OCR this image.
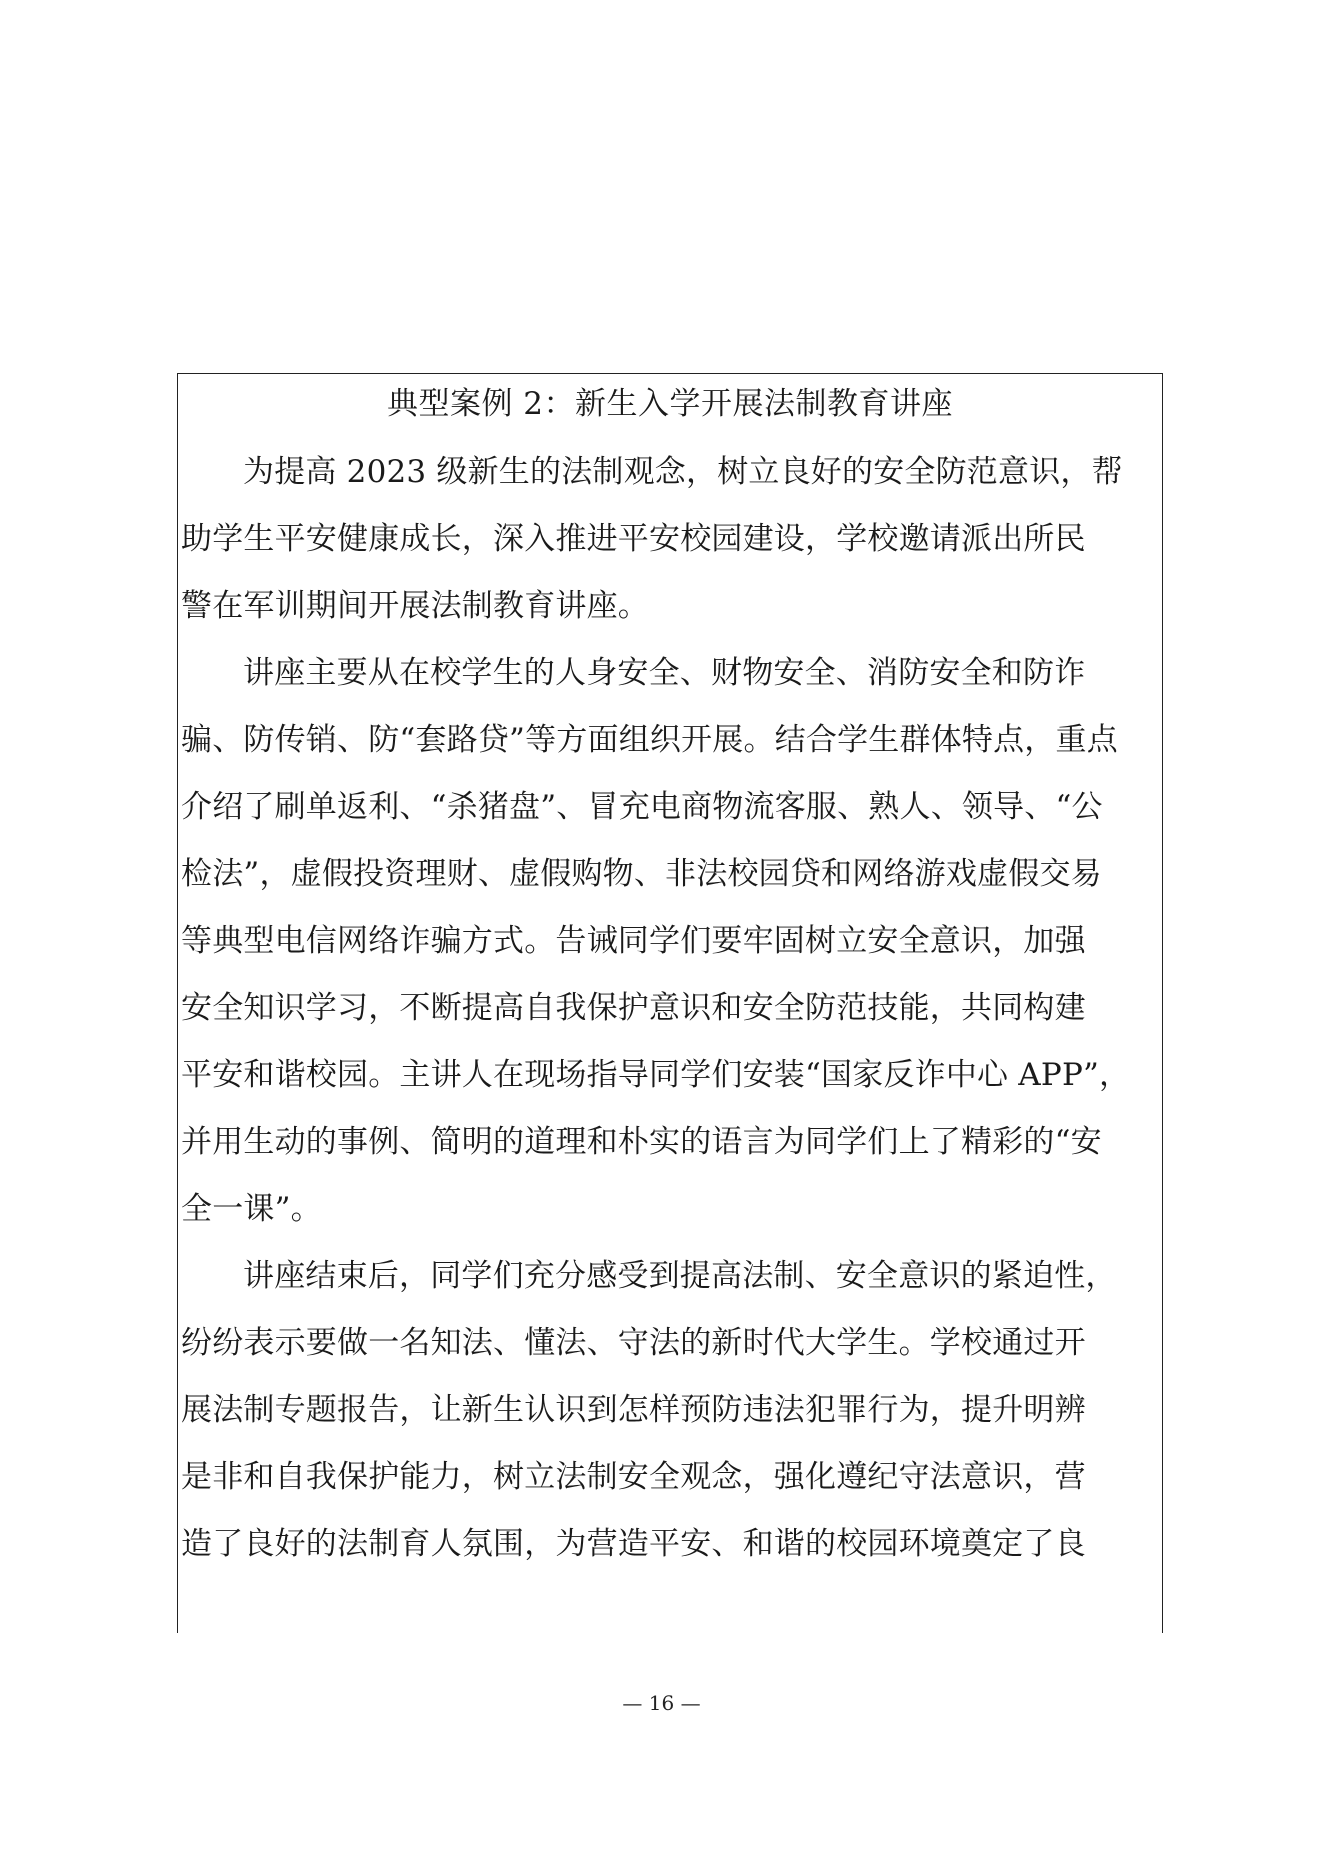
典型案例 2：新生入学开展法制教育讲座
为提高 2023 级新生的法制观念，树立良好的安全防范意识，帮
助学生平安健康成长，深入推进平安校园建设，学校邀请派出所民
警在军训期间开展法制教育讲座。
讲座主要从在校学生的人身安全、财物安全、消防安全和防诈
骗、防传销、防“套路贷”等方面组织开展。结合学生群体特点，重点
介绍了刷单返利、“杀猪盘”、冒充电商物流客服、熟人、领导、“公
检法”，虚假投资理财、虚假购物、非法校园贷和网络游戏虚假交易
等典型电信网络诈骗方式。告诫同学们要牢固树立安全意识，加强
安全知识学习，不断提高自我保护意识和安全防范技能，共同构建
平安和谐校园。主讲人在现场指导同学们安装“国家反诈中心 APP”，
并用生动的事例、简明的道理和朴实的语言为同学们上了精彩的“安
全一课”。
讲座结束后，同学们充分感受到提高法制、安全意识的紧迫性，
纷纷表示要做一名知法、懂法、守法的新时代大学生。学校通过开
展法制专题报告，让新生认识到怎样预防违法犯罪行为，提升明辨
是非和自我保护能力，树立法制安全观念，强化遵纪守法意识，营
造了良好的法制育人氛围，为营造平安、和谐的校园环境奠定了良
— 16 —
